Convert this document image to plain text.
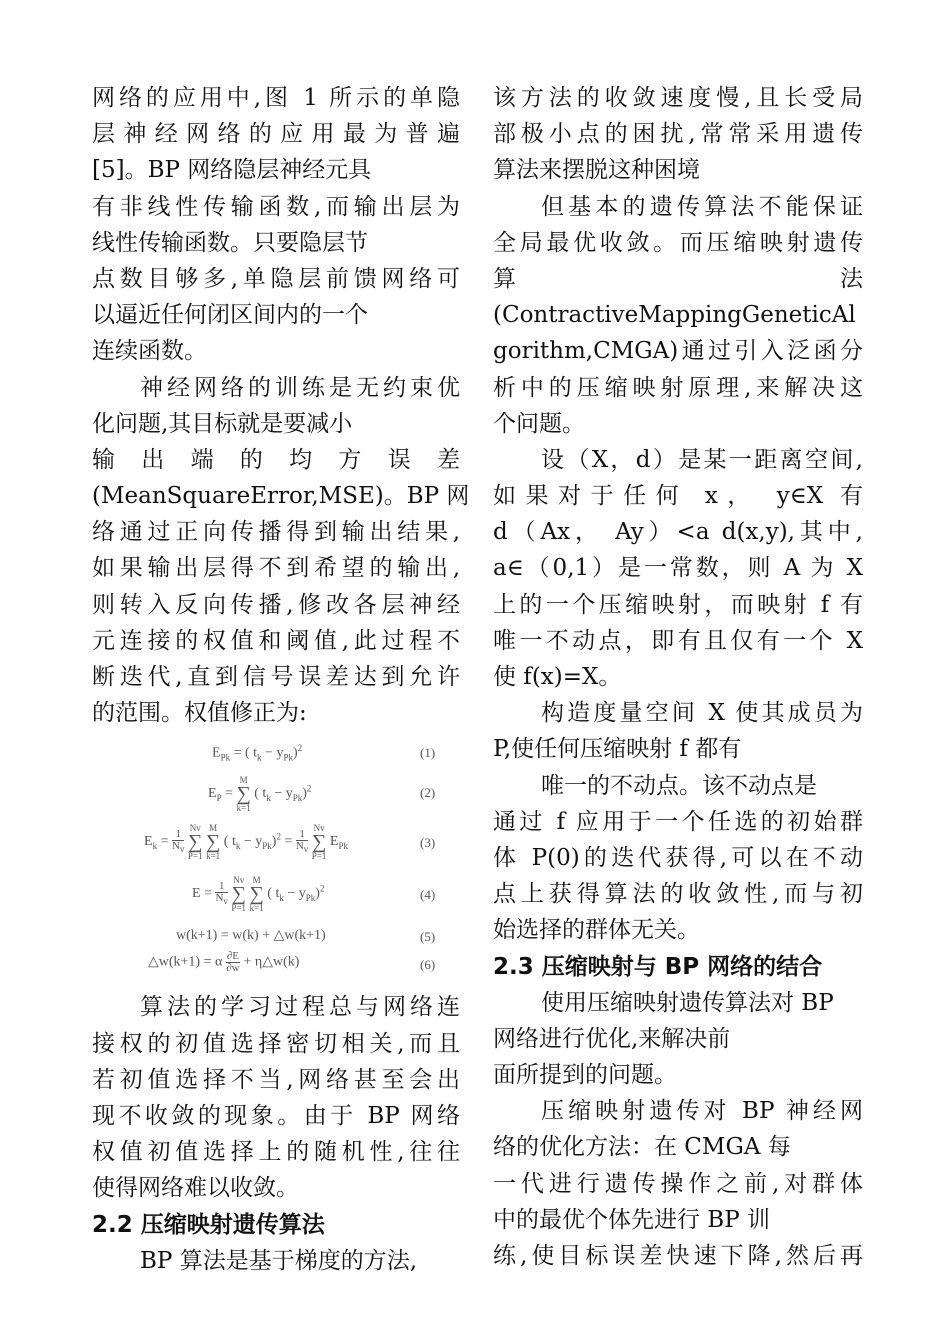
网络的应用中,图 1 所示的单隐
层神经网络的应用最为普遍
[5]。BP 网络隐层神经元具
有非线性传输函数,而输出层为
线性传输函数。只要隐层节
点数目够多,单隐层前馈网络可
以逼近任何闭区间内的一个
连续函数。
神经网络的训练是无约束优
化问题,其目标就是要减小
输出端的均方误差
(MeanSquareError,MSE)。BP 网
络通过正向传播得到输出结果,
如果输出层得不到希望的输出,
则转入反向传播,修改各层神经
元连接的权值和阈值,此过程不
断迭代,直到信号误差达到允许
的范围。权值修正为:
$E_{Pk}$ = ( $t_k - y_{Pk})^2$	(1)
$E_P = M$
∑
k=1 ( $t_k - y_{Pk})^2$	(2)
$E_k = \frac{1}{N_v}$
Nv
∑
P=1 M
∑
k=1 ( $t_k - y_{Pk})^2 = \frac{1}{N_v}$
Nv
∑
P=1 $E_{Pk}$	(3)
$E = \frac{1}{N_v}$
Nv
∑
P=1 M
∑
k=1 ( $t_k - y_{Pk})^2$	(4)
w(k+1) = w(k) + △w(k+1)	(5)
△w(k+1) = α $\frac{\partial E}{\partial w}$ + η△w(k)	(6)
算法的学习过程总与网络连
接权的初值选择密切相关,而且
若初值选择不当,网络甚至会出
现不收敛的现象。由于 BP 网络
权值初值选择上的随机性,往往
使得网络难以收敛。
2.2 压缩映射遗传算法
BP 算法是基于梯度的方法,
该方法的收敛速度慢,且长受局
部极小点的困扰,常常采用遗传
算法来摆脱这种困境
但基本的遗传算法不能保证
全局最优收敛。而压缩映射遗传
算	法
(ContractiveMappingGeneticAl
gorithm,CMGA)通过引入泛函分
析中的压缩映射原理,来解决这
个问题。
设（X，d）是某一距离空间,
如果对于任何 x， y∈X 有
d（Ax， Ay）<a d(x,y),其中,
a∈（0,1）是一常数，则 A 为 X
上的一个压缩映射，而映射 f 有
唯一不动点，即有且仅有一个 X
使 f(x)=X。
构造度量空间 X 使其成员为
P,使任何压缩映射 f 都有
唯一的不动点。该不动点是
通过 f 应用于一个任选的初始群
体 P(0)的迭代获得,可以在不动
点上获得算法的收敛性,而与初
始选择的群体无关。
2.3 压缩映射与 BP 网络的结合
使用压缩映射遗传算法对 BP
网络进行优化,来解决前
面所提到的问题。
压缩映射遗传对 BP 神经网
络的优化方法：在 CMGA 每
一代进行遗传操作之前,对群体
中的最优个体先进行 BP 训
练,使目标误差快速下降,然后再
